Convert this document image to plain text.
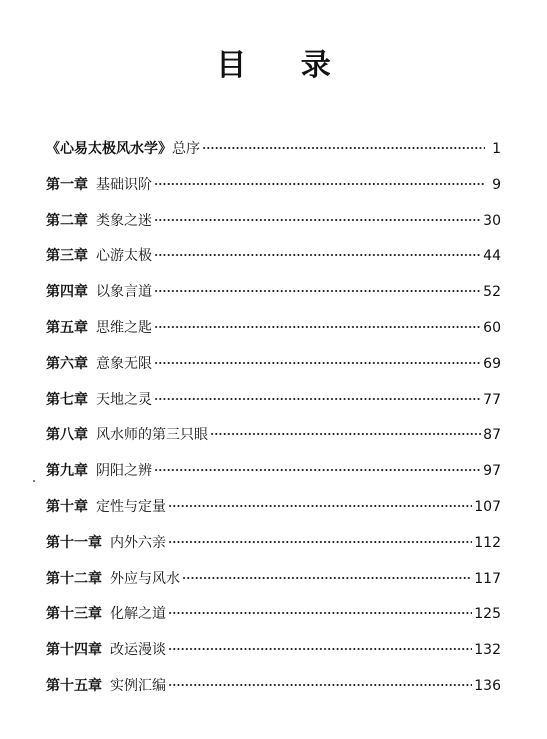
目 录
《心易太极风水学》 总序	1
第一章 基础识阶	9
第二章 类象之迷	30
第三章 心游太极	44
第四章 以象言道	52
第五章 思维之匙	60
第六章 意象无限	69
第七章 天地之灵	77
第八章 风水师的第三只眼	87
第九章 阴阳之辨	97
第十章 定性与定量	107
第十一章 内外六亲	112
第十二章 外应与风水	117
第十三章 化解之道	125
第十四章 改运漫谈	132
第十五章 实例汇编	136
